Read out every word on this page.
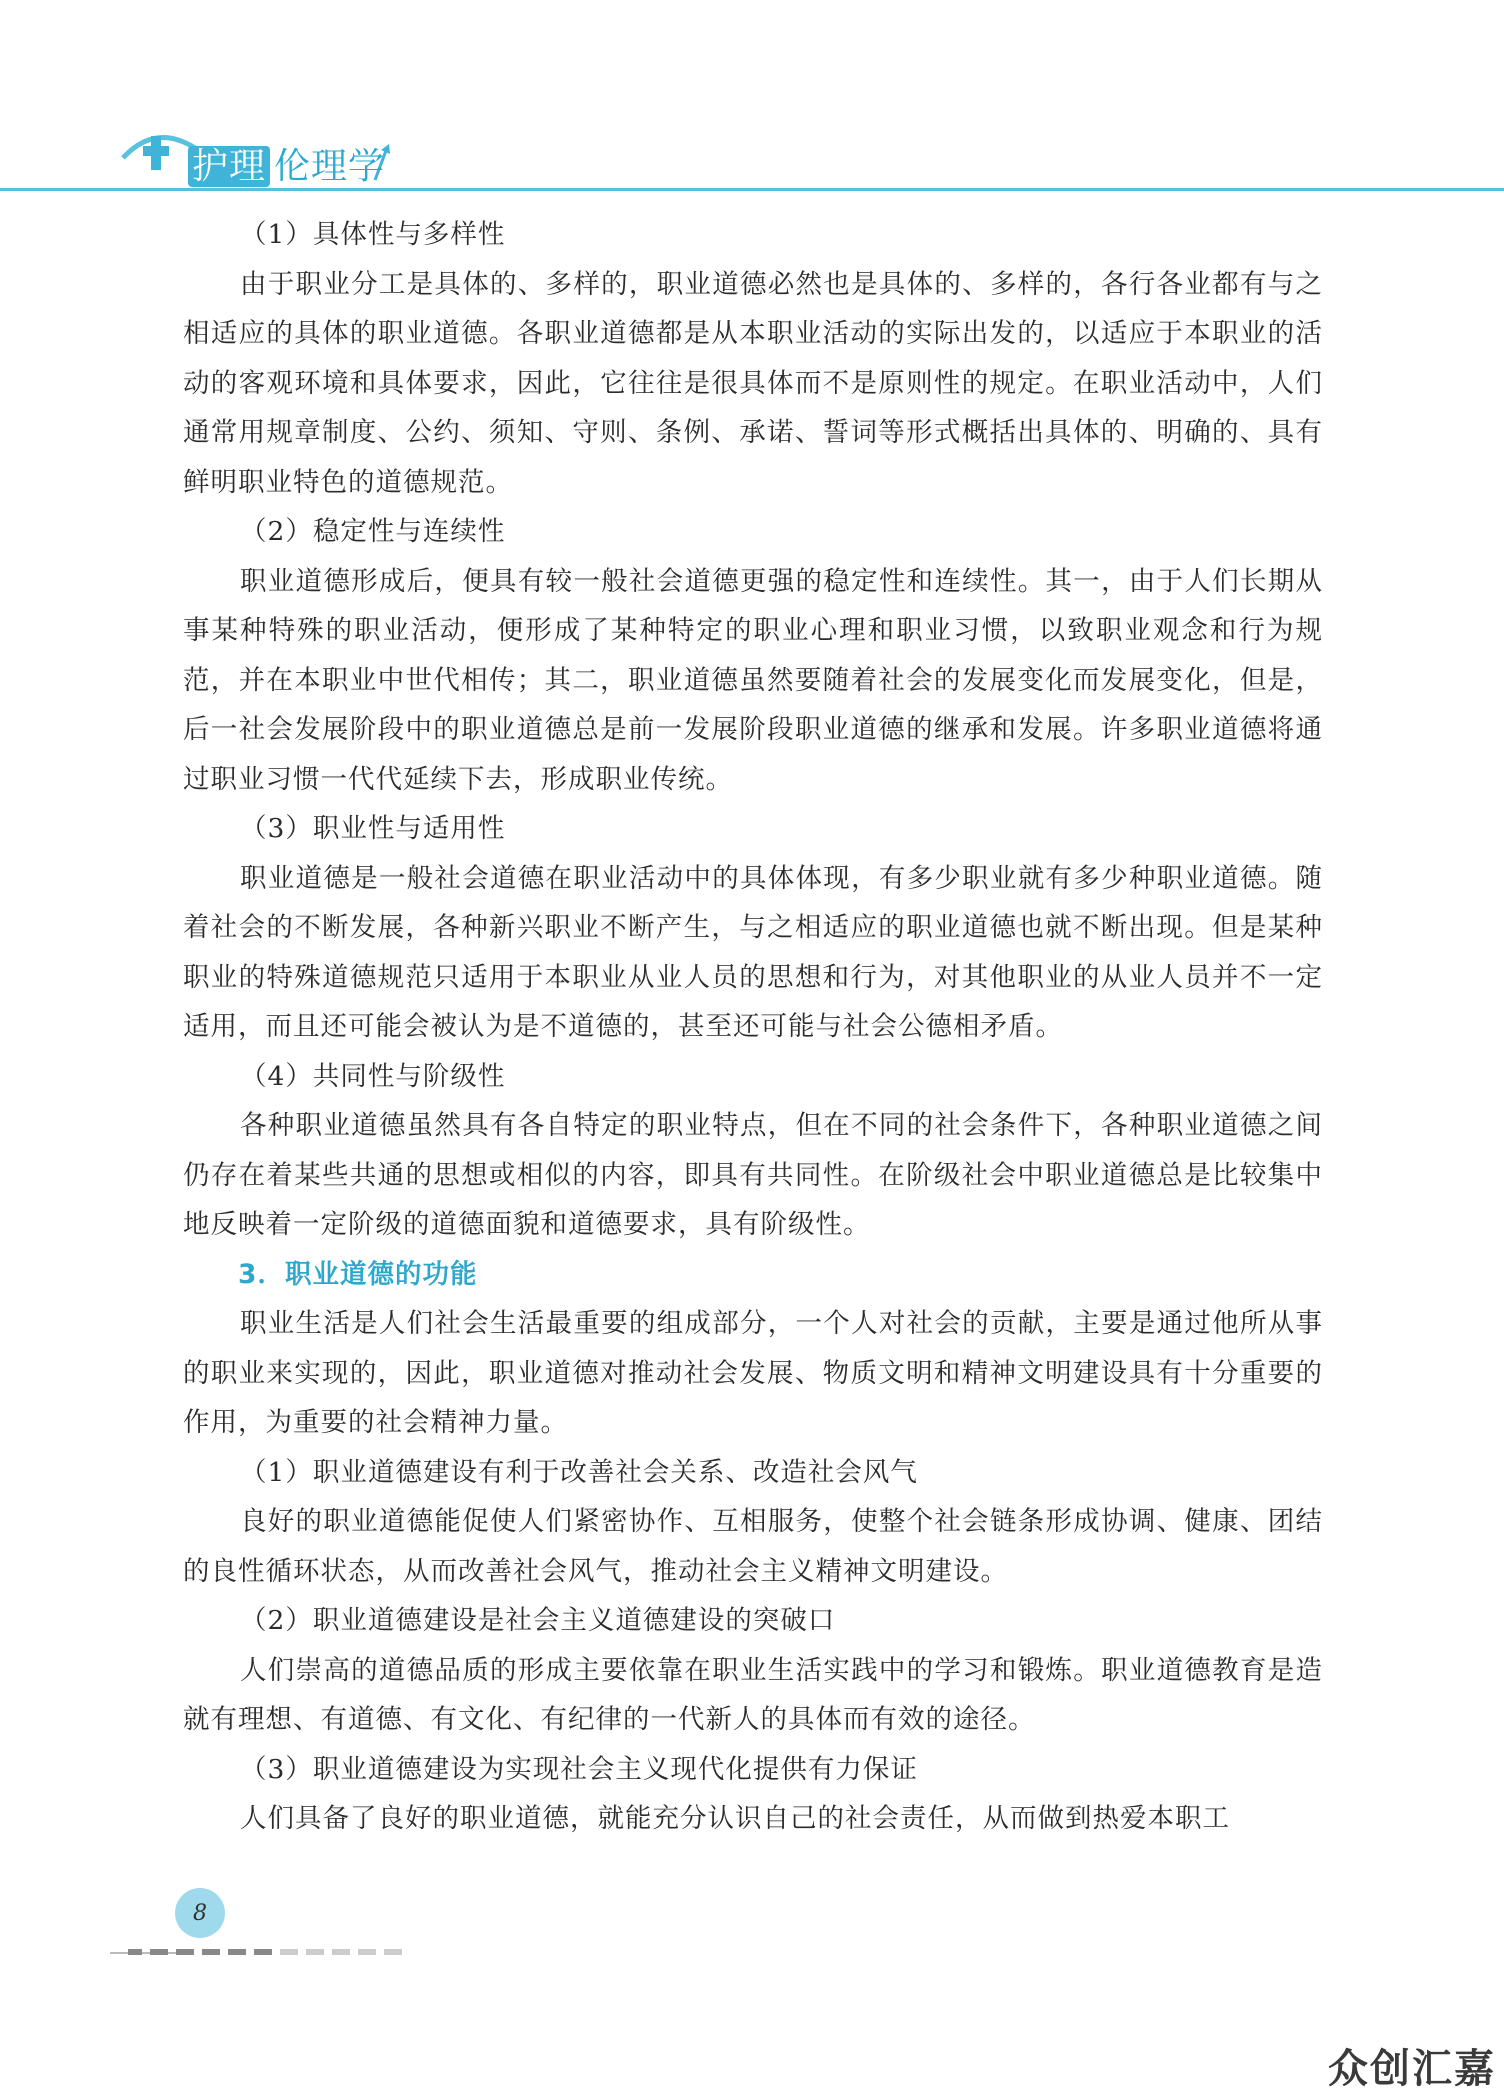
护理 伦理学

（1）具体性与多样性

由于职业分工是具体的、多样的，职业道德必然也是具体的、多样的，各行各业都有与之相适应的具体的职业道德。各职业道德都是从本职业活动的实际出发的，以适应于本职业的活动的客观环境和具体要求，因此，它往往是很具体而不是原则性的规定。在职业活动中，人们通常用规章制度、公约、须知、守则、条例、承诺、誓词等形式概括出具体的、明确的、具有鲜明职业特色的道德规范。

（2）稳定性与连续性

职业道德形成后，便具有较一般社会道德更强的稳定性和连续性。其一，由于人们长期从事某种特殊的职业活动，便形成了某种特定的职业心理和职业习惯，以致职业观念和行为规范，并在本职业中世代相传；其二，职业道德虽然要随着社会的发展变化而发展变化，但是，后一社会发展阶段中的职业道德总是前一发展阶段职业道德的继承和发展。许多职业道德将通过职业习惯一代代延续下去，形成职业传统。

（3）职业性与适用性

职业道德是一般社会道德在职业活动中的具体体现，有多少职业就有多少种职业道德。随着社会的不断发展，各种新兴职业不断产生，与之相适应的职业道德也就不断出现。但是某种职业的特殊道德规范只适用于本职业从业人员的思想和行为，对其他职业的从业人员并不一定适用，而且还可能会被认为是不道德的，甚至还可能与社会公德相矛盾。

（4）共同性与阶级性

各种职业道德虽然具有各自特定的职业特点，但在不同的社会条件下，各种职业道德之间仍存在着某些共通的思想或相似的内容，即具有共同性。在阶级社会中职业道德总是比较集中地反映着一定阶级的道德面貌和道德要求，具有阶级性。

3．职业道德的功能

职业生活是人们社会生活最重要的组成部分，一个人对社会的贡献，主要是通过他所从事的职业来实现的，因此，职业道德对推动社会发展、物质文明和精神文明建设具有十分重要的作用，为重要的社会精神力量。

（1）职业道德建设有利于改善社会关系、改造社会风气

良好的职业道德能促使人们紧密协作、互相服务，使整个社会链条形成协调、健康、团结的良性循环状态，从而改善社会风气，推动社会主义精神文明建设。

（2）职业道德建设是社会主义道德建设的突破口

人们崇高的道德品质的形成主要依靠在职业生活实践中的学习和锻炼。职业道德教育是造就有理想、有道德、有文化、有纪律的一代新人的具体而有效的途径。

（3）职业道德建设为实现社会主义现代化提供有力保证

人们具备了良好的职业道德，就能充分认识自己的社会责任，从而做到热爱本职工

8
众创汇嘉
